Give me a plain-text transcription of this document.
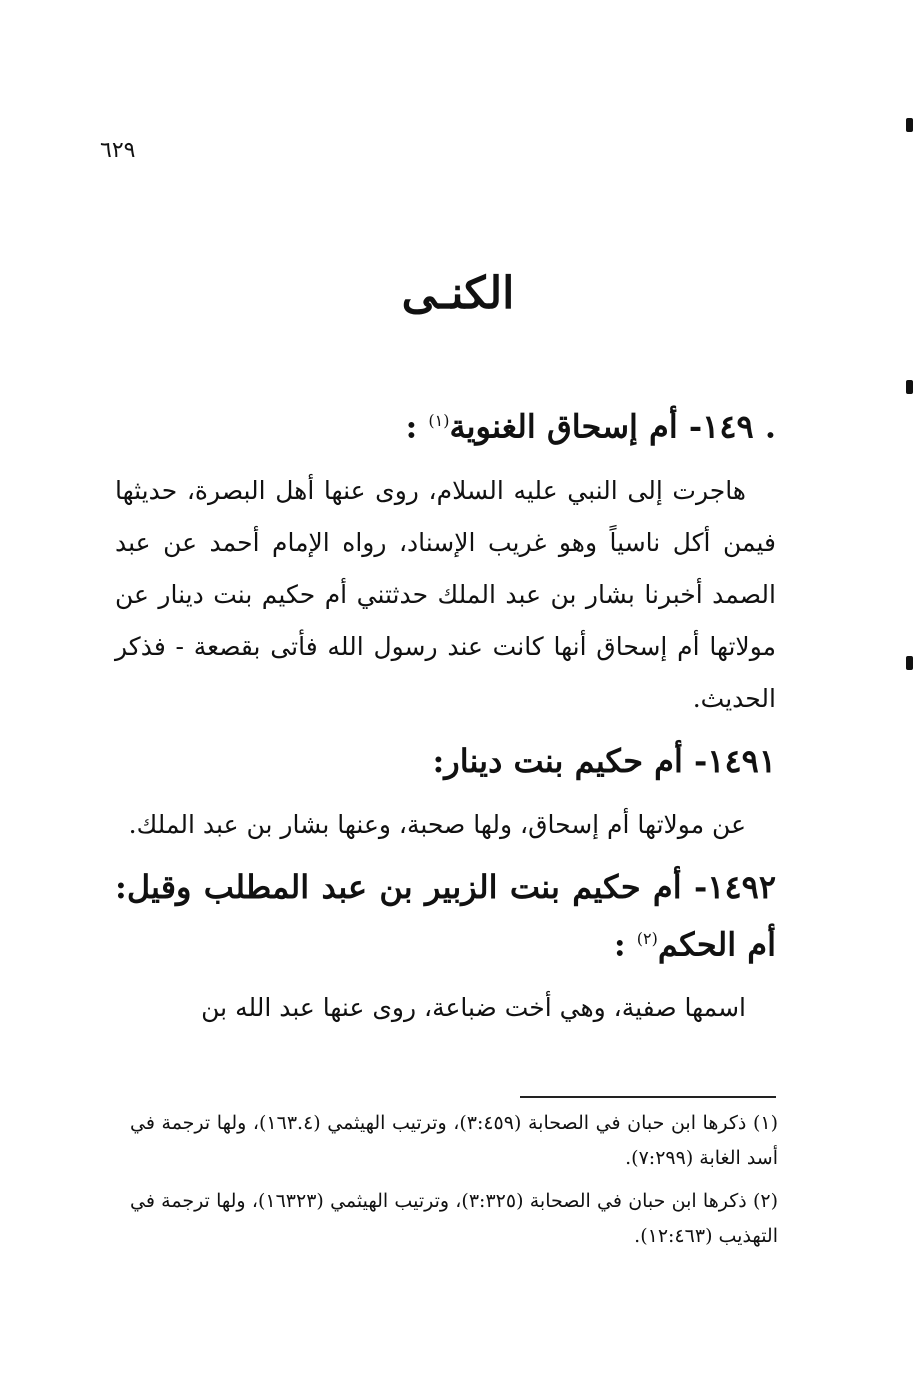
٦٢٩
الكنـى
. ١٤٩- أم إسحاق الغنوية$^{(١)}$ :

هاجرت إلى النبي عليه السلام، روى عنها أهل البصرة، حديثها فيمن أكل ناسياً وهو غريب الإسناد، رواه الإمام أحمد عن عبد الصمد أخبرنا بشار بن عبد الملك حدثتني أم حكيم بنت دينار عن مولاتها أم إسحاق أنها كانت عند رسول الله فأتى بقصعة - فذكر الحديث.

١٤٩١- أم حكيم بنت دينار:

عن مولاتها أم إسحاق، ولها صحبة، وعنها بشار بن عبد الملك.

١٤٩٢- أم حكيم بنت الزبير بن عبد المطلب وقيل: أم الحكم$^{(٢)}$ :

اسمها صفية، وهي أخت ضباعة، روى عنها عبد الله بن

(١) ذكرها ابن حبان في الصحابة (٣:٤٥٩)، وترتيب الهيثمي (١٦٣.٤)، ولها ترجمة في أسد الغابة (٧:٢٩٩).

(٢) ذكرها ابن حبان في الصحابة (٣:٣٢٥)، وترتيب الهيثمي (١٦٣٢٣)، ولها ترجمة في التهذيب (١٢:٤٦٣).
